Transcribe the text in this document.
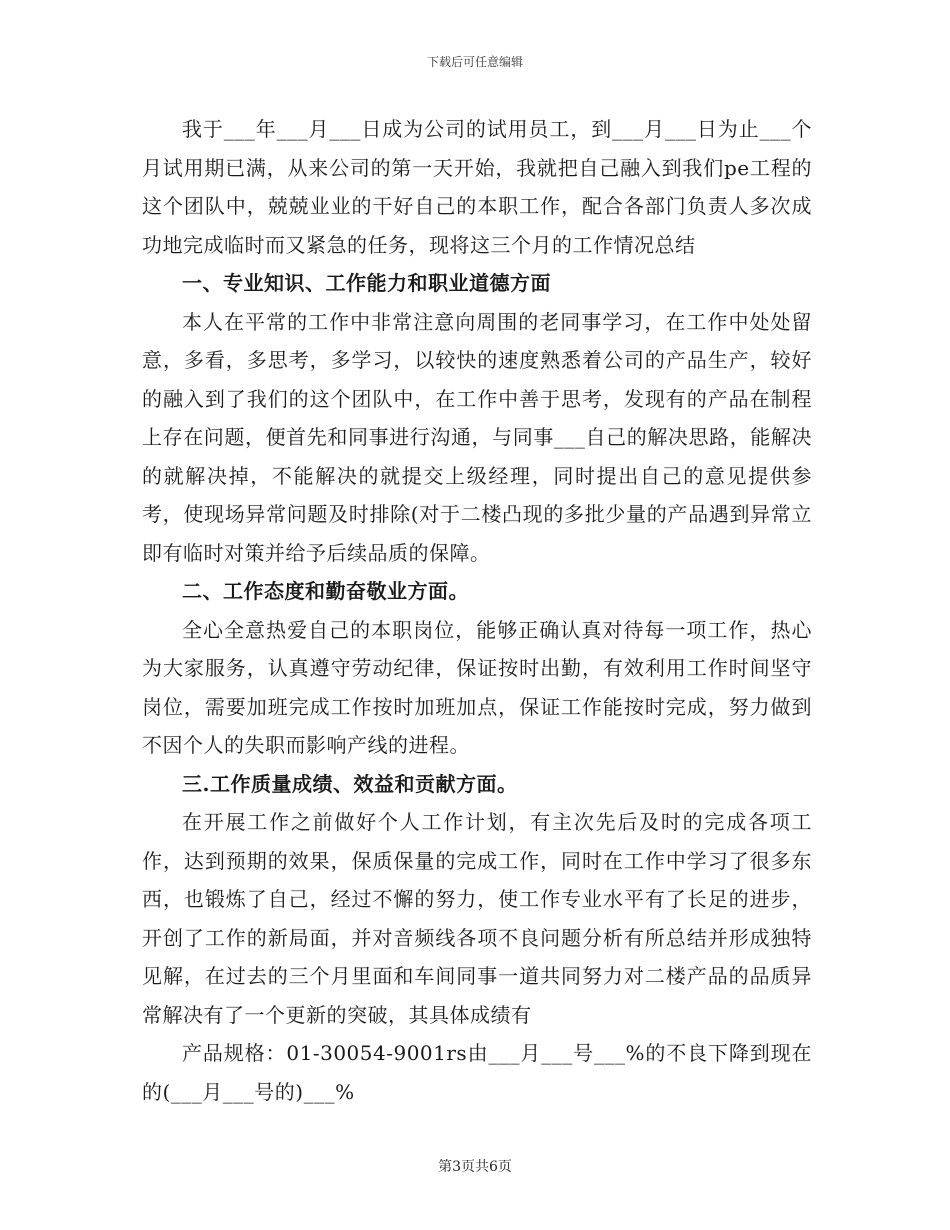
下载后可任意编辑

我于___年___月___日成为公司的试用员工，到___月___日为止___个月试用期已满，从来公司的第一天开始，我就把自己融入到我们pe工程的这个团队中，兢兢业业的干好自己的本职工作，配合各部门负责人多次成功地完成临时而又紧急的任务，现将这三个月的工作情况总结

一、专业知识、工作能力和职业道德方面

本人在平常的工作中非常注意向周围的老同事学习，在工作中处处留意，多看，多思考，多学习，以较快的速度熟悉着公司的产品生产，较好的融入到了我们的这个团队中，在工作中善于思考，发现有的产品在制程上存在问题，便首先和同事进行沟通，与同事___自己的解决思路，能解决的就解决掉，不能解决的就提交上级经理，同时提出自己的意见提供参考，使现场异常问题及时排除(对于二楼凸现的多批少量的产品遇到异常立即有临时对策并给予后续品质的保障。

二、工作态度和勤奋敬业方面。

全心全意热爱自己的本职岗位，能够正确认真对待每一项工作，热心为大家服务，认真遵守劳动纪律，保证按时出勤，有效利用工作时间坚守岗位，需要加班完成工作按时加班加点，保证工作能按时完成，努力做到不因个人的失职而影响产线的进程。

三.工作质量成绩、效益和贡献方面。

在开展工作之前做好个人工作计划，有主次先后及时的完成各项工作，达到预期的效果，保质保量的完成工作，同时在工作中学习了很多东西，也锻炼了自己，经过不懈的努力，使工作专业水平有了长足的进步，开创了工作的新局面，并对音频线各项不良问题分析有所总结并形成独特见解，在过去的三个月里面和车间同事一道共同努力对二楼产品的品质异常解决有了一个更新的突破，其具体成绩有

产品规格：01-30054-9001rs由___月___号___%的不良下降到现在的(___月___号的)___%

第3页共6页
